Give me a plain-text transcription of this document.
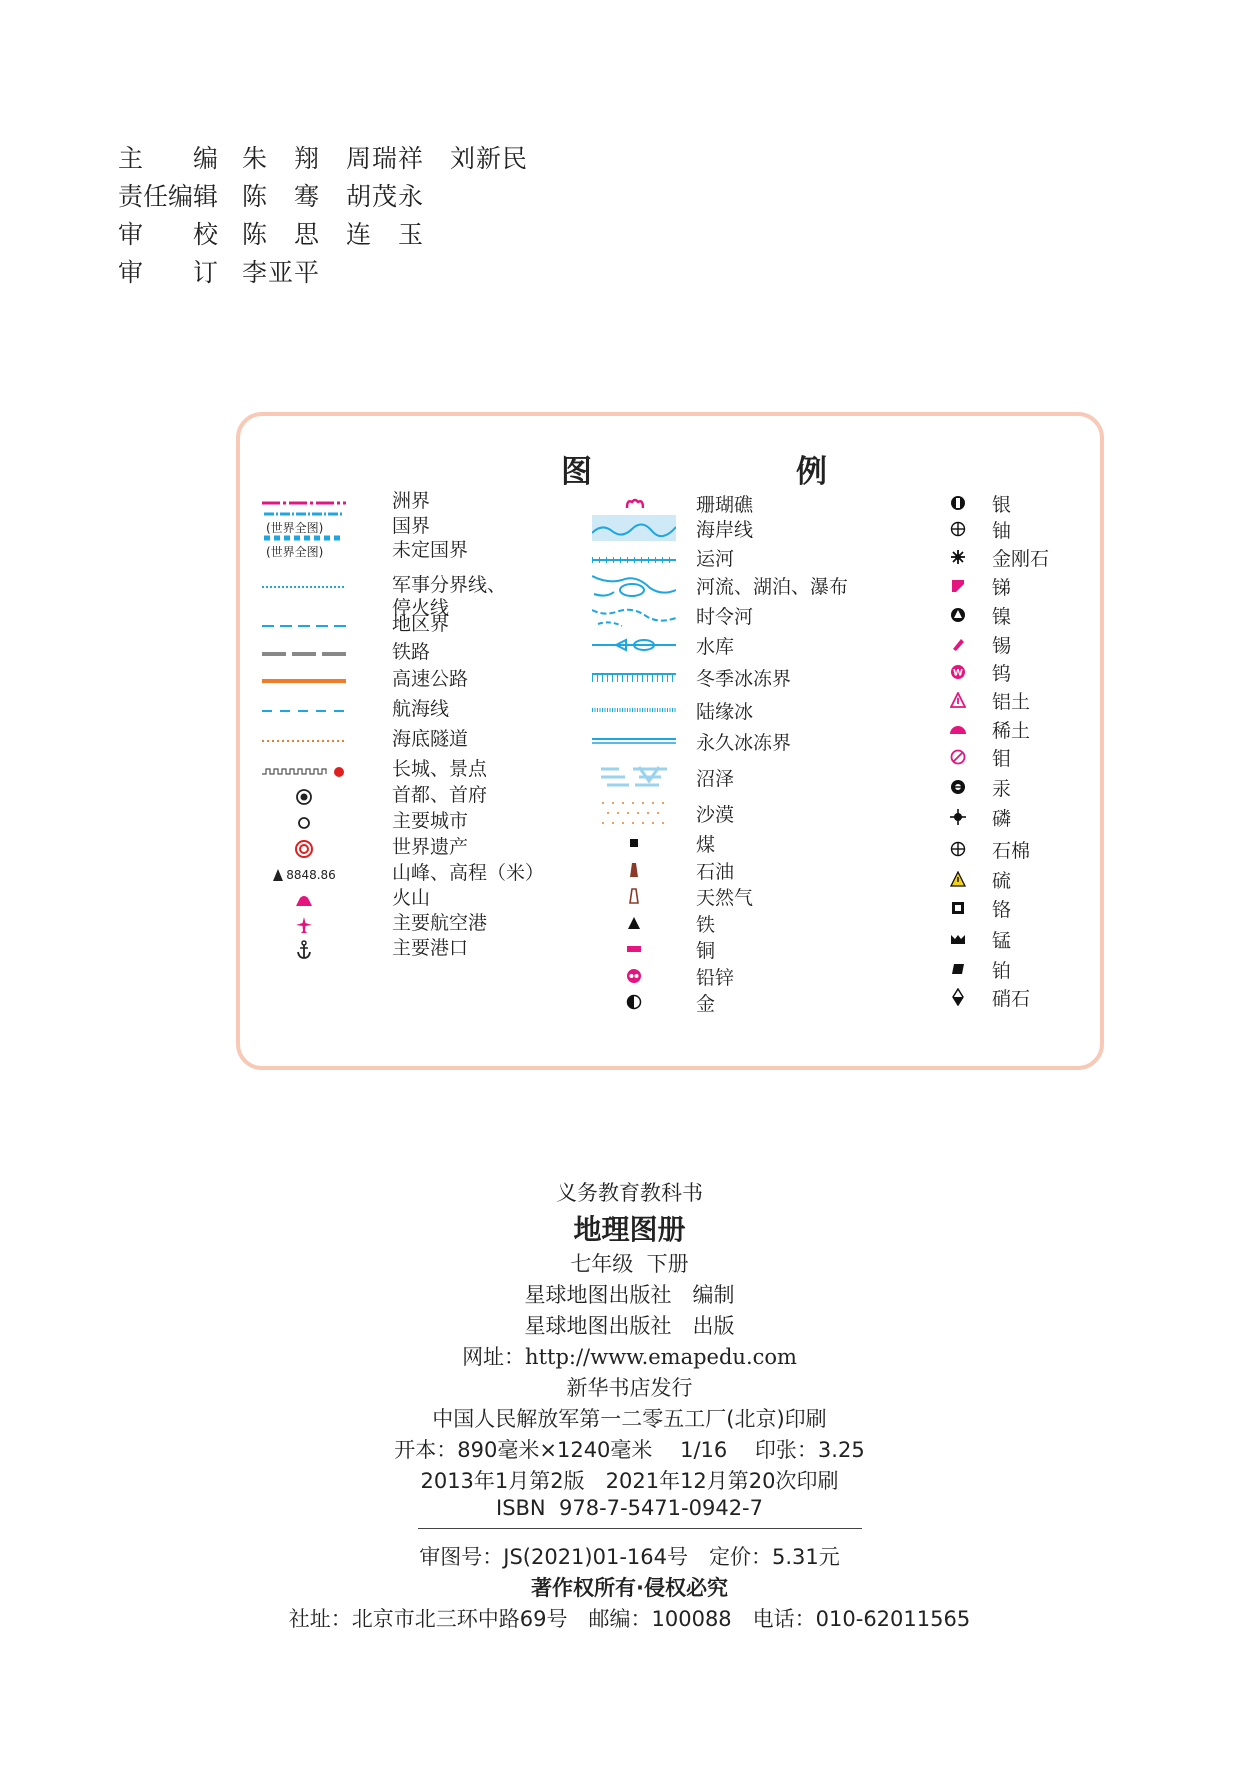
主　　编 朱　翔　周瑞祥　刘新民
责任编辑 陈　骞　胡茂永
审　　校 陈　思　连　玉
审　　订 李亚平
图	例
洲界
(世界全图)	国界
(世界全图)	未定国界
军事分界线、
停火线
地区界
铁路
高速公路
航海线
海底隧道
长城、景点
首都、首府
主要城市
世界遗产
8848.86	山峰、高程（米）
火山
主要航空港
主要港口
珊瑚礁
海岸线
运河
河流、湖泊、瀑布
时令河
水库
冬季冰冻界
陆缘冰
永久冰冻界
沼泽
沙漠
煤
石油
天然气
铁
铜
铅锌
金
银
铀
金刚石
锑
镍
锡
W 钨
铝土
稀土
钼
汞
磷
石棉
硫
铬
锰
铂
硝石
义务教育教科书
地理图册
七年级  下册
星球地图出版社　编制
星球地图出版社　出版
网址：http://www.emapedu.com
新华书店发行
中国人民解放军第一二零五工厂(北京)印刷
开本：890毫米×1240毫米　 1/16　 印张：3.25
2013年1月第2版　2021年12月第20次印刷
ISBN  978-7-5471-0942-7
审图号：JS(2021)01-164号　定价：5.31元
著作权所有·侵权必究
社址：北京市北三环中路69号　邮编：100088　电话：010-62011565
